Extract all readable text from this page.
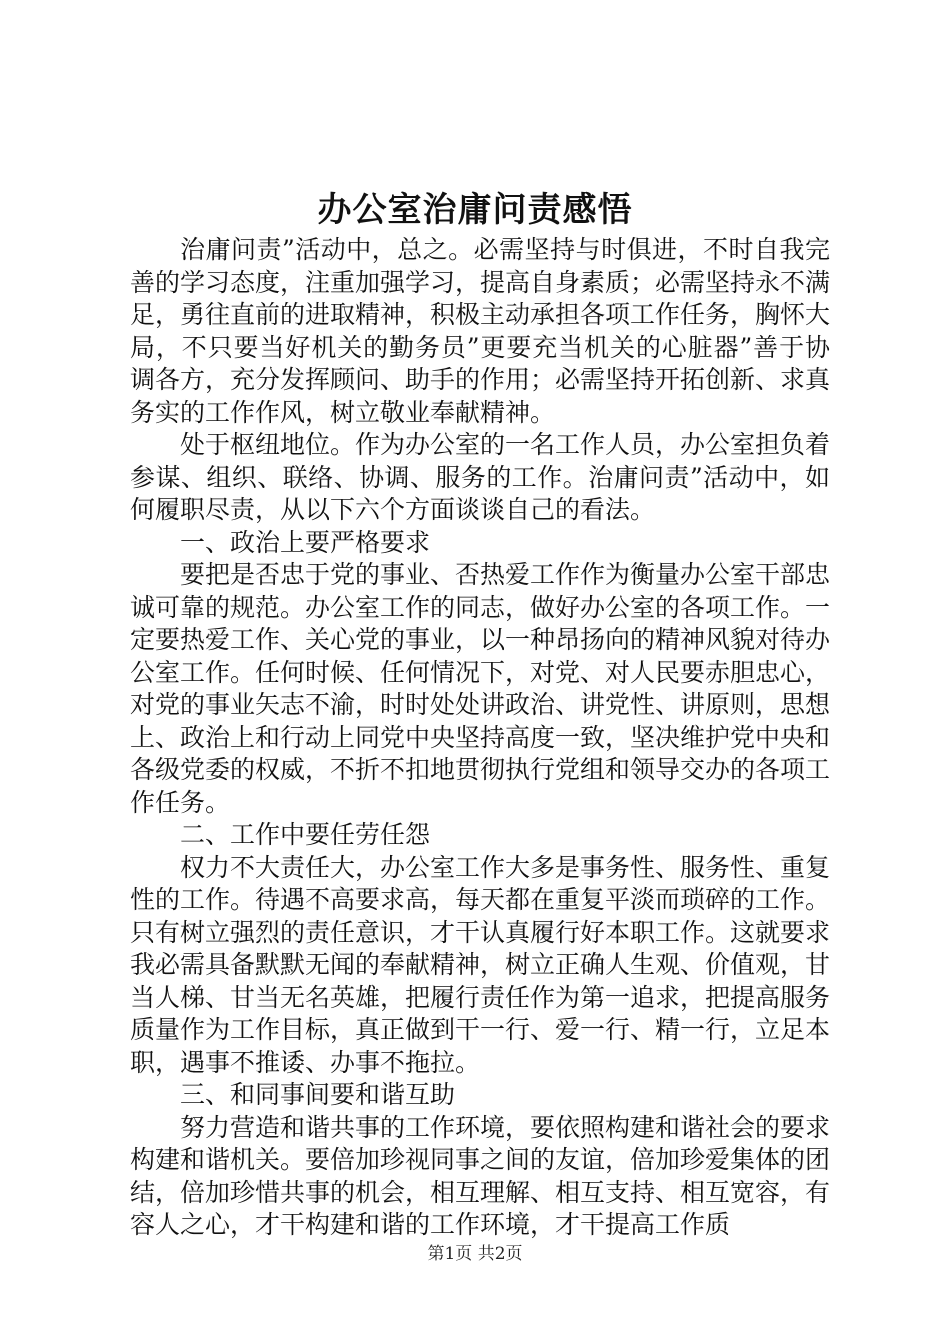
办公室治庸问责感悟

治庸问责”活动中，总之。必需坚持与时俱进，不时自我完善的学习态度，注重加强学习，提高自身素质；必需坚持永不满足，勇往直前的进取精神，积极主动承担各项工作任务，胸怀大局，不只要当好机关的勤务员”更要充当机关的心脏器”善于协调各方，充分发挥顾问、助手的作用；必需坚持开拓创新、求真务实的工作作风，树立敬业奉献精神。

处于枢纽地位。作为办公室的一名工作人员，办公室担负着参谋、组织、联络、协调、服务的工作。治庸问责”活动中，如何履职尽责，从以下六个方面谈谈自己的看法。

一、政治上要严格要求

要把是否忠于党的事业、否热爱工作作为衡量办公室干部忠诚可靠的规范。办公室工作的同志，做好办公室的各项工作。一定要热爱工作、关心党的事业，以一种昂扬向的精神风貌对待办公室工作。任何时候、任何情况下，对党、对人民要赤胆忠心，对党的事业矢志不渝，时时处处讲政治、讲党性、讲原则，思想上、政治上和行动上同党中央坚持高度一致，坚决维护党中央和各级党委的权威，不折不扣地贯彻执行党组和领导交办的各项工作任务。

二、工作中要任劳任怨

权力不大责任大，办公室工作大多是事务性、服务性、重复性的工作。待遇不高要求高，每天都在重复平淡而琐碎的工作。只有树立强烈的责任意识，才干认真履行好本职工作。这就要求我必需具备默默无闻的奉献精神，树立正确人生观、价值观，甘当人梯、甘当无名英雄，把履行责任作为第一追求，把提高服务质量作为工作目标，真正做到干一行、爱一行、精一行，立足本职，遇事不推诿、办事不拖拉。

三、和同事间要和谐互助

努力营造和谐共事的工作环境，要依照构建和谐社会的要求构建和谐机关。要倍加珍视同事之间的友谊，倍加珍爱集体的团结，倍加珍惜共事的机会，相互理解、相互支持、相互宽容，有容人之心，才干构建和谐的工作环境，才干提高工作质

第1页 共2页
